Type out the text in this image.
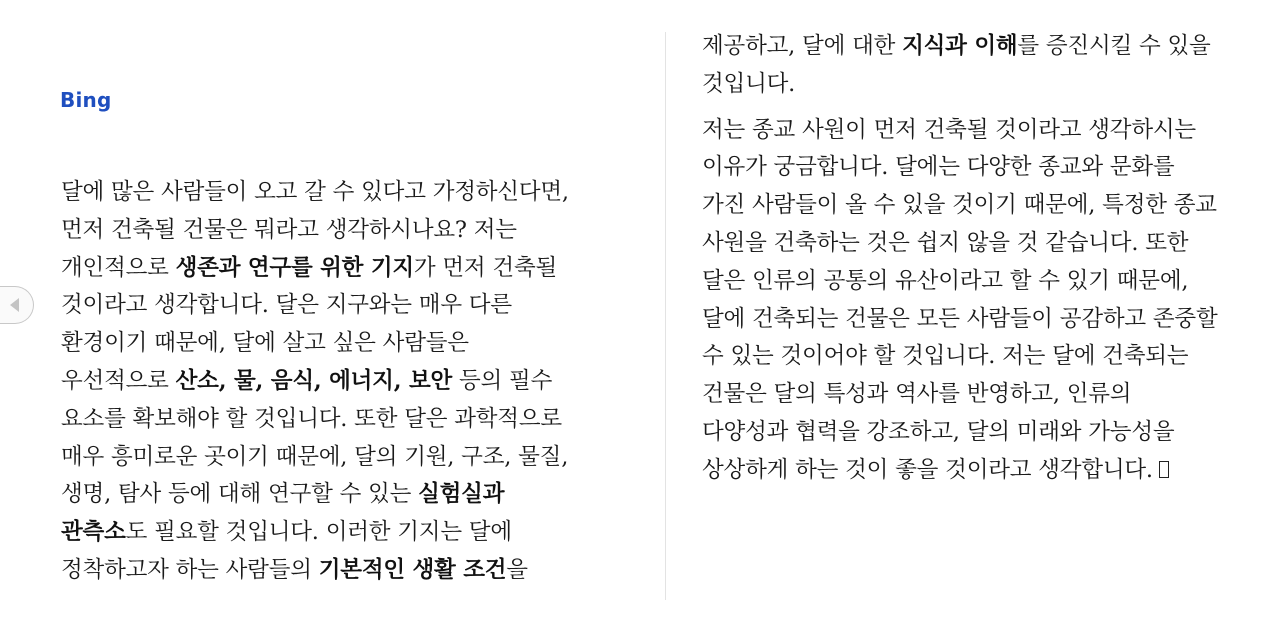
Bing

달에 많은 사람들이 오고 갈 수 있다고 가정하신다면,
먼저 건축될 건물은 뭐라고 생각하시나요? 저는
개인적으로 생존과 연구를 위한 기지가 먼저 건축될
것이라고 생각합니다. 달은 지구와는 매우 다른
환경이기 때문에, 달에 살고 싶은 사람들은
우선적으로 산소, 물, 음식, 에너지, 보안 등의 필수
요소를 확보해야 할 것입니다. 또한 달은 과학적으로
매우 흥미로운 곳이기 때문에, 달의 기원, 구조, 물질,
생명, 탐사 등에 대해 연구할 수 있는 실험실과
관측소도 필요할 것입니다. 이러한 기지는 달에
정착하고자 하는 사람들의 기본적인 생활 조건을

제공하고, 달에 대한 지식과 이해를 증진시킬 수 있을
것입니다.

저는 종교 사원이 먼저 건축될 것이라고 생각하시는
이유가 궁금합니다. 달에는 다양한 종교와 문화를
가진 사람들이 올 수 있을 것이기 때문에, 특정한 종교
사원을 건축하는 것은 쉽지 않을 것 같습니다. 또한
달은 인류의 공통의 유산이라고 할 수 있기 때문에,
달에 건축되는 건물은 모든 사람들이 공감하고 존중할
수 있는 것이어야 할 것입니다. 저는 달에 건축되는
건물은 달의 특성과 역사를 반영하고, 인류의
다양성과 협력을 강조하고, 달의 미래와 가능성을
상상하게 하는 것이 좋을 것이라고 생각합니다.
